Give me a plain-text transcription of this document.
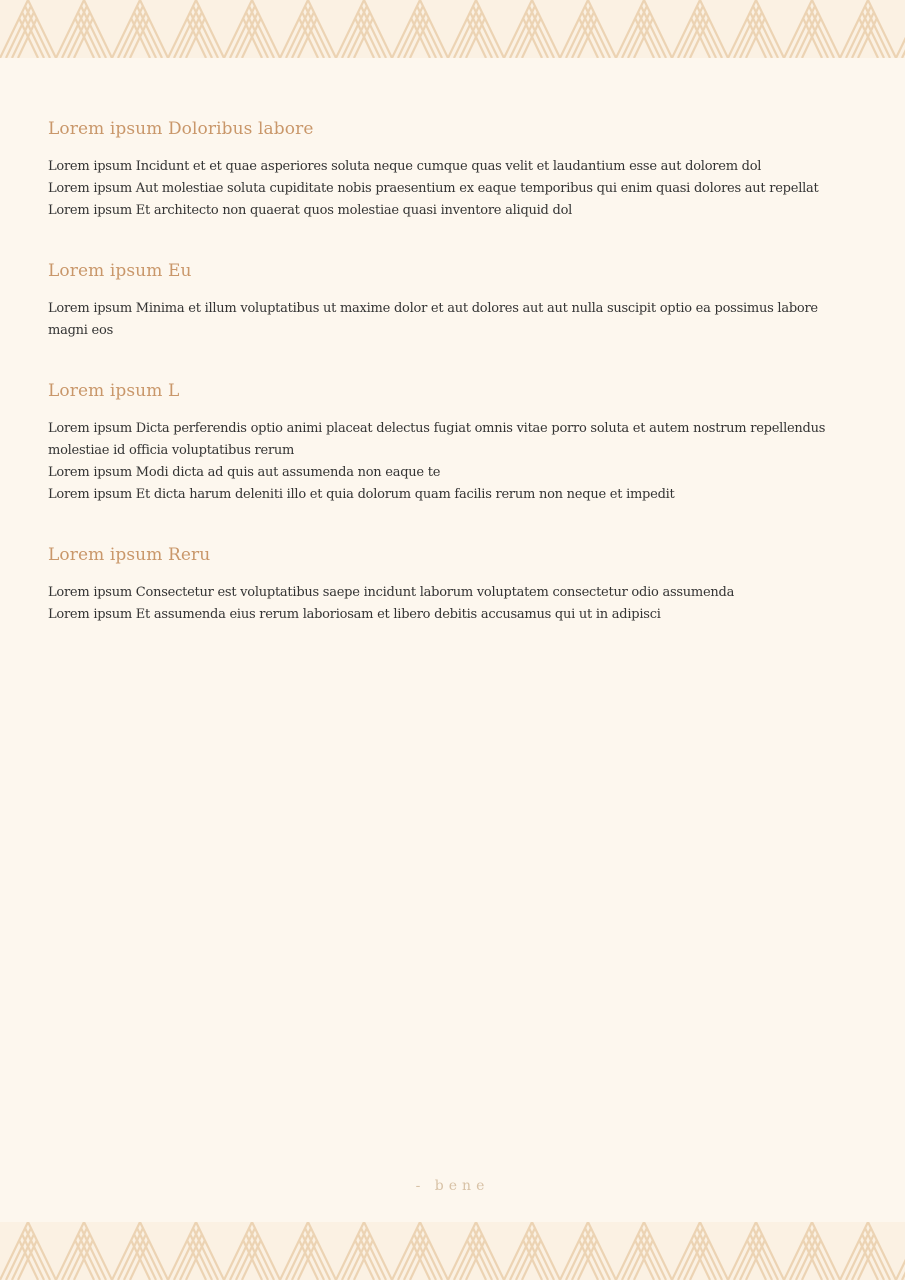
Lorem ipsum Doloribus labore

Lorem ipsum Incidunt et et quae asperiores soluta neque cumque quas velit et laudantium esse aut dolorem dol

Lorem ipsum Aut molestiae soluta cupiditate nobis praesentium ex eaque temporibus qui enim quasi dolores aut repellat

Lorem ipsum Et architecto non quaerat quos molestiae quasi inventore aliquid dol

Lorem ipsum Eu

Lorem ipsum Minima et illum voluptatibus ut maxime dolor et aut dolores aut aut nulla suscipit optio ea possimus labore magni eos

Lorem ipsum L

Lorem ipsum Dicta perferendis optio animi placeat delectus fugiat omnis vitae porro soluta et autem nostrum repellendus molestiae id officia voluptatibus rerum

Lorem ipsum Modi dicta ad quis aut assumenda non eaque te

Lorem ipsum Et dicta harum deleniti illo et quia dolorum quam facilis rerum non neque et impedit

Lorem ipsum Reru

Lorem ipsum Consectetur est voluptatibus saepe incidunt laborum voluptatem consectetur odio assumenda

Lorem ipsum Et assumenda eius rerum laboriosam et libero debitis accusamus qui ut in adipisci

- bene
